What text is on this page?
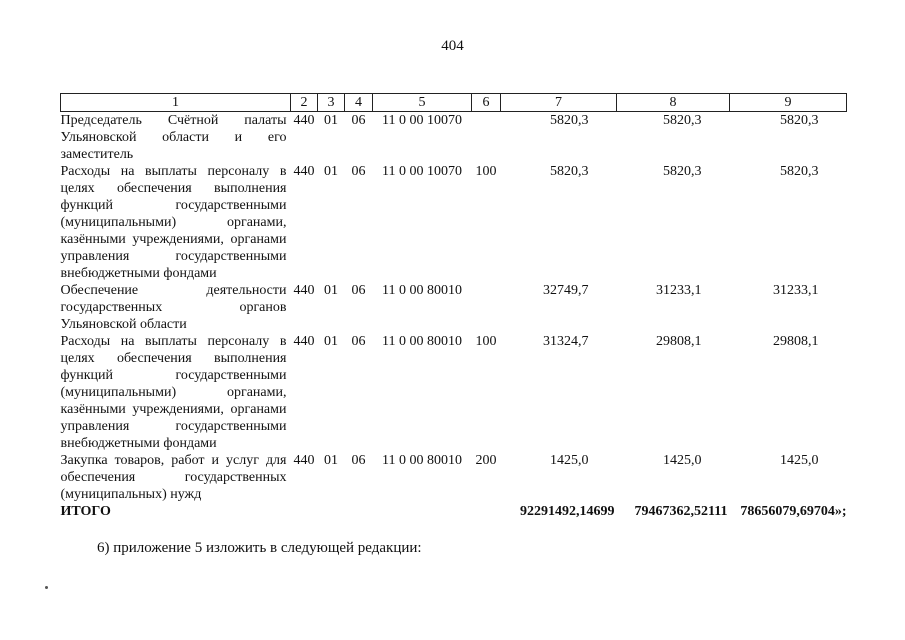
404
1	2	3	4	5	6	7	8	9
Председатель Счётной палаты Ульяновской области и его заместитель	440	01	06	11 0 00 10070		5820,3	5820,3	5820,3
Расходы на выплаты персоналу в целях обеспечения выполнения функций государственными (муниципальными) органами, казёнными учреждениями, органами управления государственными внебюджетными фондами	440	01	06	11 0 00 10070	100	5820,3	5820,3	5820,3
Обеспечение деятельности государственных органов Ульяновской области	440	01	06	11 0 00 80010		32749,7	31233,1	31233,1
Расходы на выплаты персоналу в целях обеспечения выполнения функций государственными (муниципальными) органами, казёнными учреждениями, органами управления государственными внебюджетными фондами	440	01	06	11 0 00 80010	100	31324,7	29808,1	29808,1
Закупка товаров, работ и услуг для обеспечения государственных (муниципальных) нужд	440	01	06	11 0 00 80010	200	1425,0	1425,0	1425,0
ИТОГО						92291492,14699	79467362,52111	78656079,69704»;
6) приложение 5 изложить в следующей редакции:
